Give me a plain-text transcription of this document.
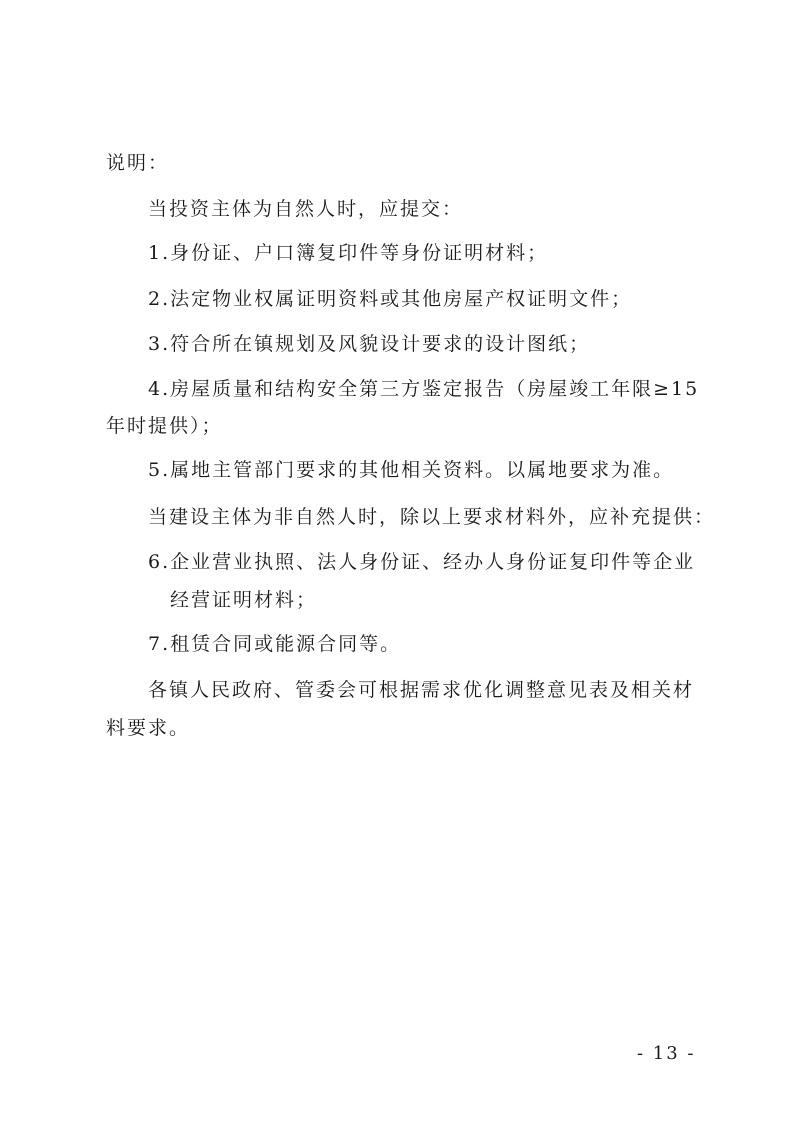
说明：
当投资主体为自然人时，应提交：
1.身份证、户口簿复印件等身份证明材料；
2.法定物业权属证明资料或其他房屋产权证明文件；
3.符合所在镇规划及风貌设计要求的设计图纸；
4.房屋质量和结构安全第三方鉴定报告（房屋竣工年限≥15
年时提供）；
5.属地主管部门要求的其他相关资料。以属地要求为准。
当建设主体为非自然人时，除以上要求材料外，应补充提供：
6.企业营业执照、法人身份证、经办人身份证复印件等企业
经营证明材料；
7.租赁合同或能源合同等。
各镇人民政府、管委会可根据需求优化调整意见表及相关材
料要求。
- 13 -
